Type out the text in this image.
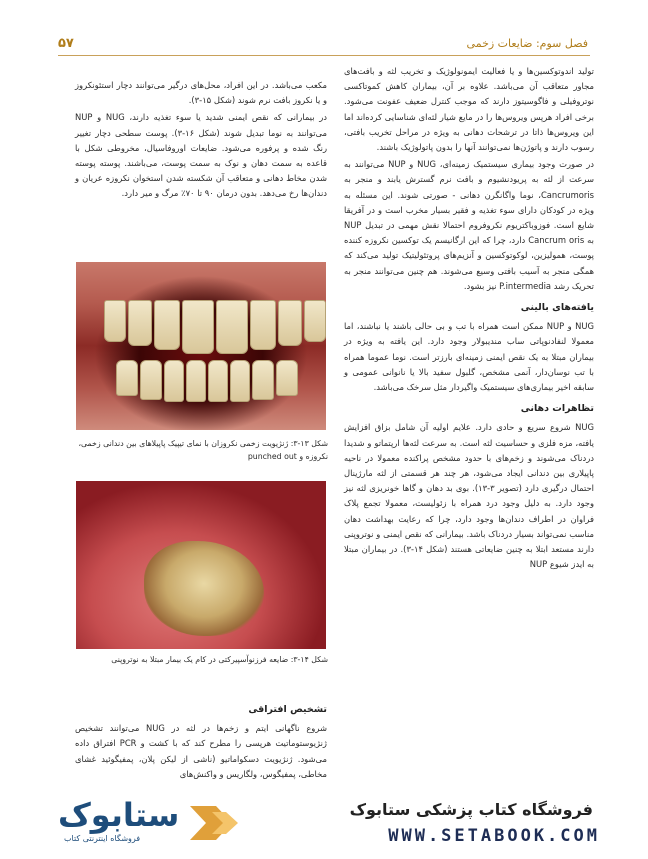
۵۷	فصل سوم: ضایعات زخمی

تولید اندوتوکسین‌ها و یا فعالیت ایمونولوژیک و تخریب لثه و بافت‌های مجاور متعاقب آن می‌باشد. علاوه بر آن، بیماران کاهش کموتاکسی نوتروفیلی و فاگوسیتوز دارند که موجب کنترل ضعیف عفونت می‌شود. برخی افراد هرپس ویروس‌ها را در مایع شیار لثه‌ای شناسایی کرده‌اند اما این ویروس‌ها ذاتا در ترشحات دهانی به ویژه در مراحل تخریب بافتی، رسوب دارند و پاتوژن‌ها نمی‌توانند آنها را بدون پاتولوژیک باشند.

در صورت وجود بیماری سیستمیک زمینه‌ای، NUG و NUP می‌توانند به سرعت از لثه به پریودنشیوم و بافت نرم گسترش یابند و منجر به Cancrumoris، نوما واگانگرن دهانی - صورتی شوند. این مسئله به ویژه در کودکان دارای سوء تغذیه و فقیر بسیار مخرب است و در آفریقا شایع است. فوزوباکتریوم نکروفروم احتمالا نقش مهمی در تبدیل NUP به Cancrum oris دارد، چرا که این ارگانیسم یک توکسین نکروزه کننده پوست، هموليزين، لوکوتوکسین و آنزیم‌های پروتئولیتیک تولید می‌کند که همگی منجر به آسیب بافتی وسیع می‌شوند. هم چنین می‌توانند منجر به تحریک رشد P.intermedia نیز بشود.

یافته‌های بالینی

NUG و NUP ممکن است همراه با تب و بی حالی باشند یا نباشند، اما معمولا لنفادنوپاتی ساب مندیبولار وجود دارد. این یافته به ویژه در بیماران مبتلا به یک نقص ایمنی زمینه‌ای بارزتر است. نوما عموما همراه با تب نوسان‌دار، آنمی مشخص، گلبول سفید بالا یا نانوانی عمومی و سابقه اخیر بیماری‌های سیستمیک واگیردار مثل سرخک می‌باشد.

تظاهرات دهانی

NUG شروع سریع و حادی دارد. علایم اولیه آن شامل بزاق افزایش یافته، مزه فلزی و حساسیت لثه است. به سرعت لثه‌ها ارپتماتو و شدیدا دردناک می‌شوند و زخم‌های با حدود مشخص پراکنده معمولا در ناحیه پاپیلاری بین دندانی ایجاد می‌شود، هر چند هر قسمتی از لثه مارژینال احتمال درگیری دارد (تصویر ۳-۱۳). بوی بد دهان و گاها خونریزی لثه نیز وجود دارد. به دلیل وجود درد همراه با زئولیست، معمولا تجمع پلاک فراوان در اطراف دندان‌ها وجود دارد، چرا که رعایت بهداشت دهان مناسب نمی‌تواند بسیار دردناک باشد. بیمارانی که نقص ایمنی و نوتروپنی دارند مستعد ابتلا به چنین ضایعاتی هستند (شکل ۱۴-۳). در بیماران مبتلا به ایدز شیوع NUP

مکعب می‌باشد. در این افراد، محل‌های درگیر می‌توانند دچار استئونکروز و یا نکروز بافت نرم شوند (شکل ۱۵-۳).

در بیمارانی که نقص ایمنی شدید یا سوء تغذیه دارند، NUG و NUP می‌توانند به نوما تبدیل شوند (شکل ۱۶-۳). پوست سطحی دچار تغییر رنگ شده و پرفوره می‌شود. ضایعات اوروفاسیال، مخروطی شکل با قاعده به سمت دهان و نوک به سمت پوست، می‌باشند. پوسته پوسته شدن مخاط دهانی و متعاقب آن شکسته شدن استخوان نکروزه عریان و دندان‌ها رخ می‌دهد. بدون درمان ۹۰ تا ۷۰٪ مرگ و میر دارد.

شکل ۱۳-۳: ژنژیویت زخمی نکروزان با نمای تیپیک پاپیلاهای بین دندانی زخمی، نکروزه و punched out
شکل ۱۴-۳: ضایعه فرزنوآسپیرکتی در کام یک بیمار مبتلا به نوتروپنی
تشخیص افتراقی

شروع ناگهانی ایتم و زخم‌ها در لثه در NUG می‌توانند تشخیص ژنژیوستوماتیت هرپسی را مطرح کند که با کشت و PCR افتراق داده می‌شود. ژنژیویت دسکواماتیو (ناشی از لیکن پلان، پمفیگوئید غشای مخاطی، پمفیگوس، ولگاریس و واکنش‌های

ستابوک
فروشگاه اینترنتی کتاب
فروشگاه کتاب پزشکی ستابوک
WWW.SETABOOK.COM
